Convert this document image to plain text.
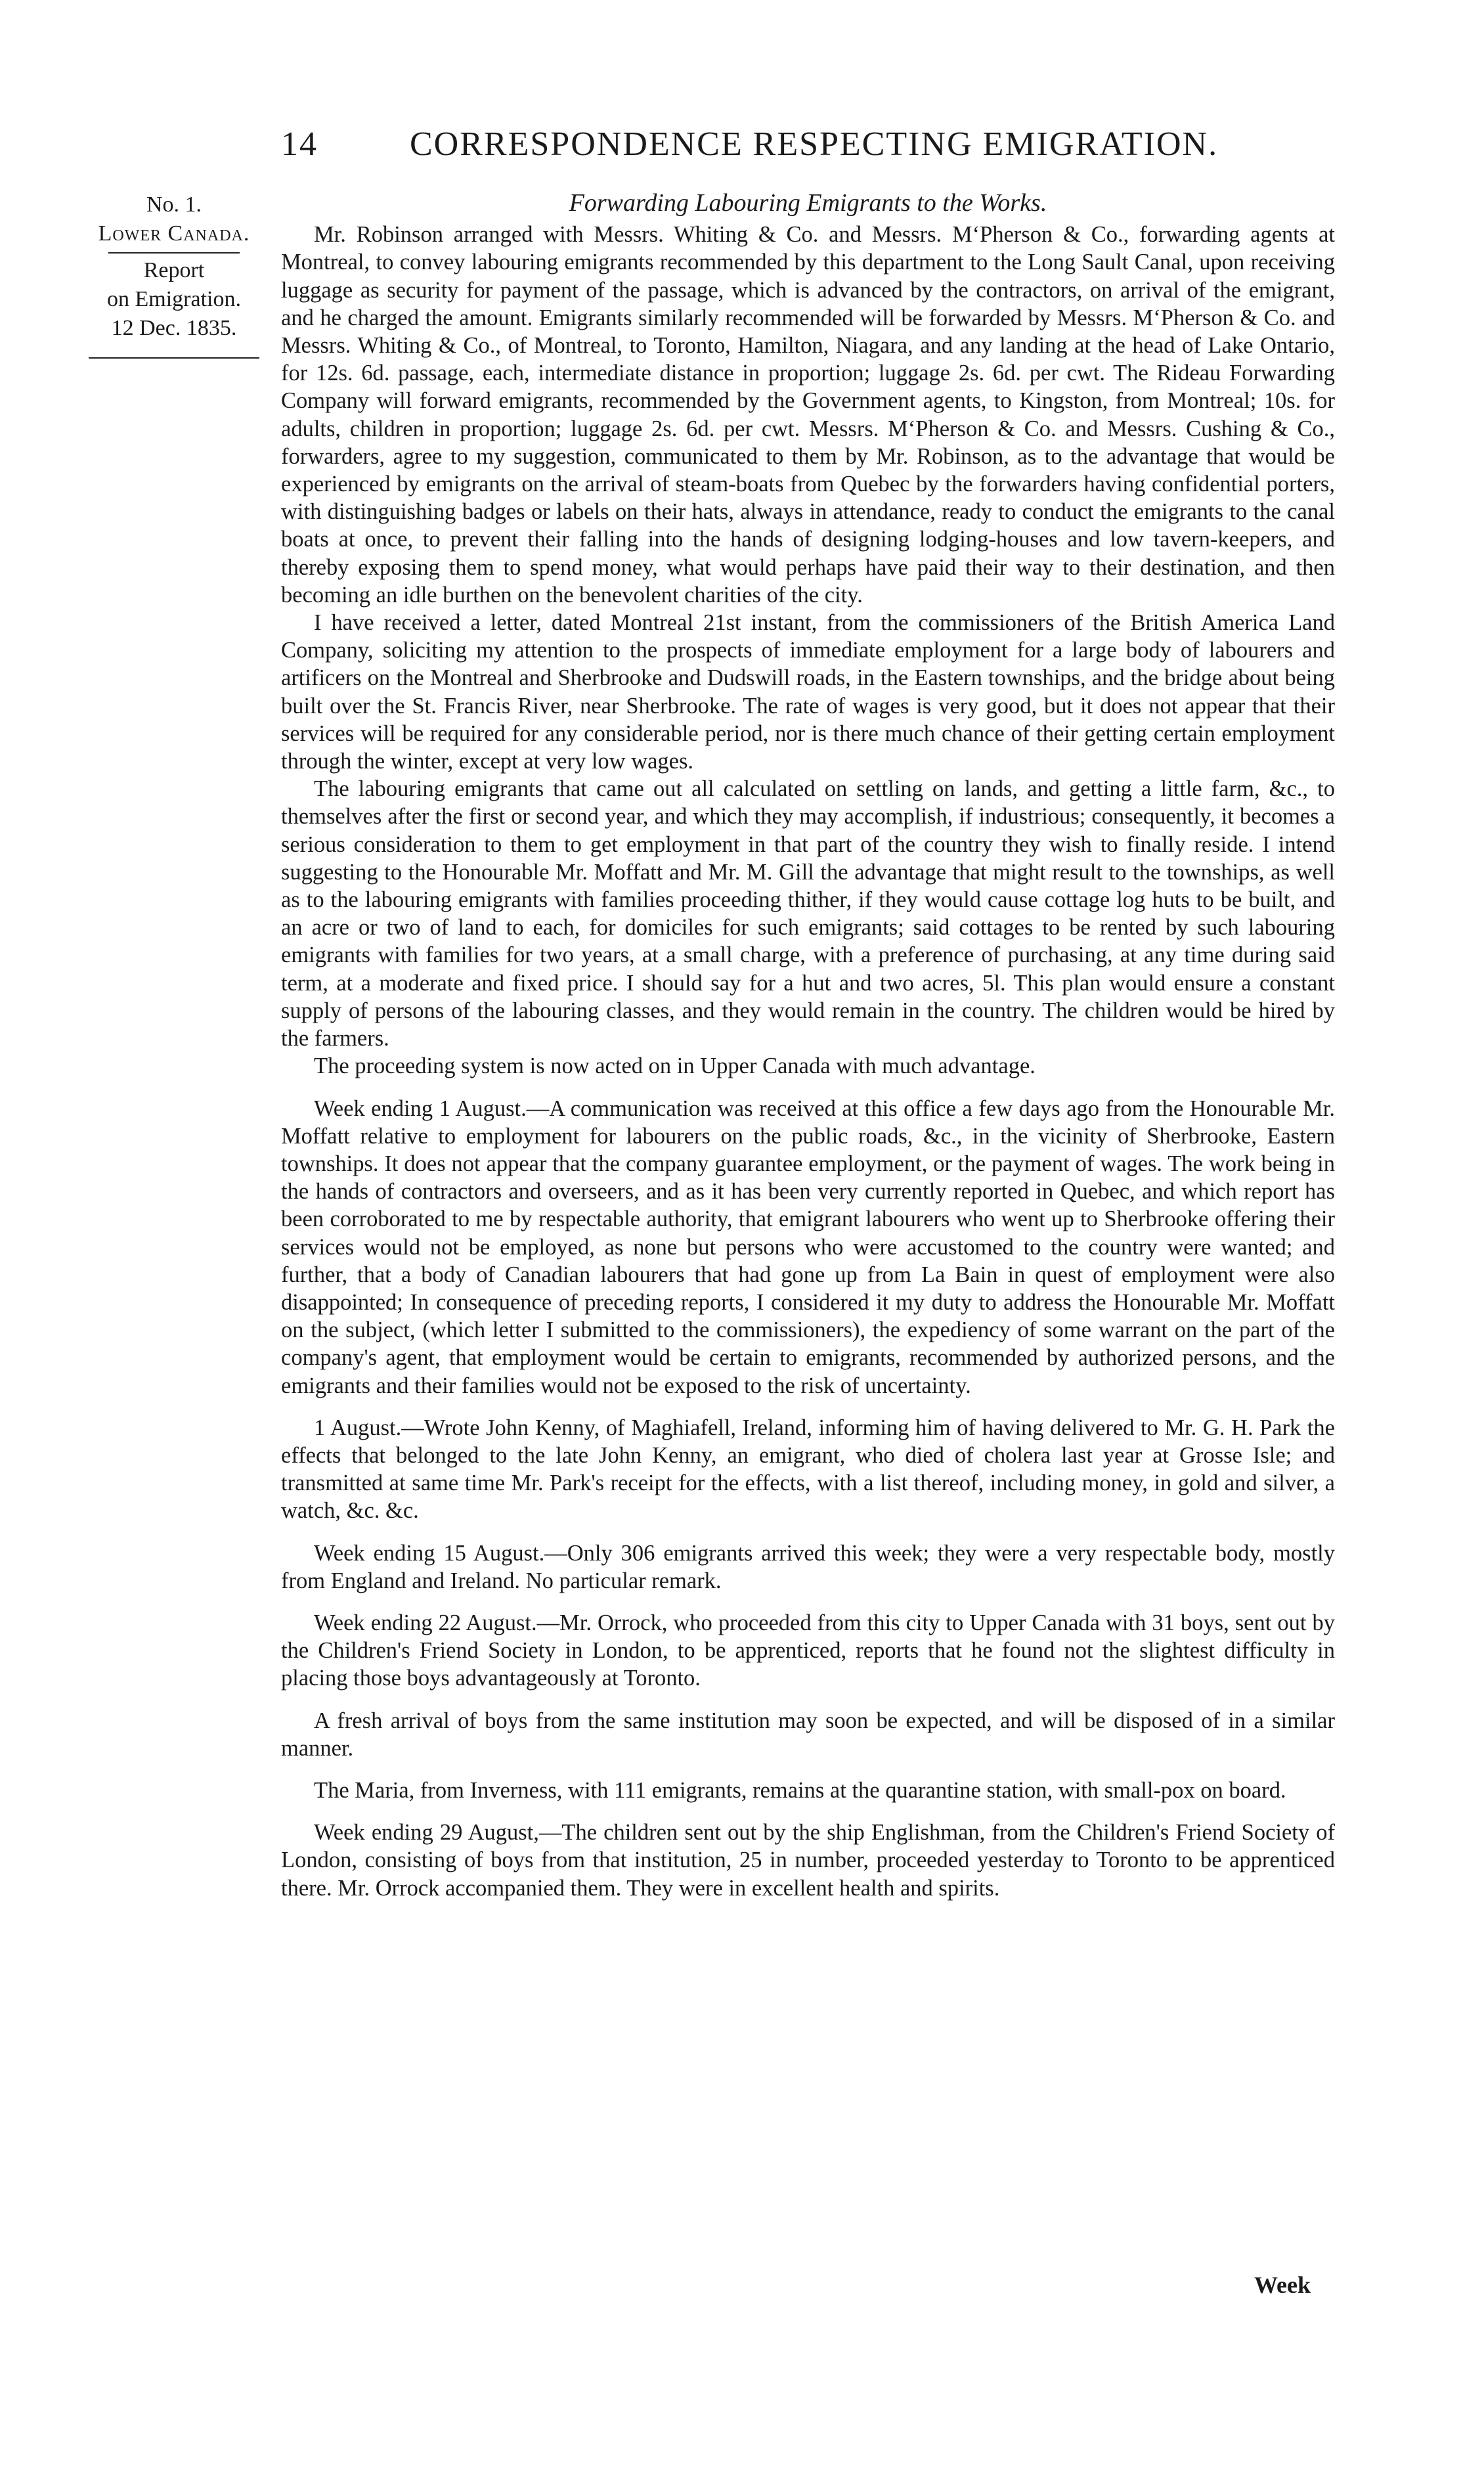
14	CORRESPONDENCE RESPECTING EMIGRATION.
No. 1.
Lower Canada.
Report
on Emigration.
12 Dec. 1835.
Forwarding Labouring Emigrants to the Works.

Mr. Robinson arranged with Messrs. Whiting & Co. and Messrs. M‘Pherson & Co., forwarding agents at Montreal, to convey labouring emigrants recommended by this department to the Long Sault Canal, upon receiving luggage as security for payment of the passage, which is advanced by the contractors, on arrival of the emigrant, and he charged the amount. Emigrants similarly recommended will be forwarded by Messrs. M‘Pherson & Co. and Messrs. Whiting & Co., of Montreal, to Toronto, Hamilton, Niagara, and any landing at the head of Lake Ontario, for 12s. 6d. passage, each, intermediate distance in proportion; luggage 2s. 6d. per cwt. The Rideau Forwarding Company will forward emigrants, recommended by the Government agents, to Kingston, from Montreal; 10s. for adults, children in proportion; luggage 2s. 6d. per cwt. Messrs. M‘Pherson & Co. and Messrs. Cushing & Co., forwarders, agree to my suggestion, communicated to them by Mr. Robinson, as to the advantage that would be experienced by emigrants on the arrival of steam-boats from Quebec by the forwarders having confidential porters, with distinguishing badges or labels on their hats, always in attendance, ready to conduct the emigrants to the canal boats at once, to prevent their falling into the hands of designing lodging-houses and low tavern-keepers, and thereby exposing them to spend money, what would perhaps have paid their way to their destination, and then becoming an idle burthen on the benevolent charities of the city.

I have received a letter, dated Montreal 21st instant, from the commissioners of the British America Land Company, soliciting my attention to the prospects of immediate employment for a large body of labourers and artificers on the Montreal and Sherbrooke and Dudswill roads, in the Eastern townships, and the bridge about being built over the St. Francis River, near Sherbrooke. The rate of wages is very good, but it does not appear that their services will be required for any considerable period, nor is there much chance of their getting certain employment through the winter, except at very low wages.

The labouring emigrants that came out all calculated on settling on lands, and getting a little farm, &c., to themselves after the first or second year, and which they may accomplish, if industrious; consequently, it becomes a serious consideration to them to get employment in that part of the country they wish to finally reside. I intend suggesting to the Honourable Mr. Moffatt and Mr. M. Gill the advantage that might result to the townships, as well as to the labouring emigrants with families proceeding thither, if they would cause cottage log huts to be built, and an acre or two of land to each, for domiciles for such emigrants; said cottages to be rented by such labouring emigrants with families for two years, at a small charge, with a preference of purchasing, at any time during said term, at a moderate and fixed price. I should say for a hut and two acres, 5l. This plan would ensure a constant supply of persons of the labouring classes, and they would remain in the country. The children would be hired by the farmers.

The proceeding system is now acted on in Upper Canada with much advantage.

Week ending 1 August.—A communication was received at this office a few days ago from the Honourable Mr. Moffatt relative to employment for labourers on the public roads, &c., in the vicinity of Sherbrooke, Eastern townships. It does not appear that the company guarantee employment, or the payment of wages. The work being in the hands of contractors and overseers, and as it has been very currently reported in Quebec, and which report has been corroborated to me by respectable authority, that emigrant labourers who went up to Sherbrooke offering their services would not be employed, as none but persons who were accustomed to the country were wanted; and further, that a body of Canadian labourers that had gone up from La Bain in quest of employment were also disappointed; In consequence of preceding reports, I considered it my duty to address the Honourable Mr. Moffatt on the subject, (which letter I submitted to the commissioners), the expediency of some warrant on the part of the company's agent, that employment would be certain to emigrants, recommended by authorized persons, and the emigrants and their families would not be exposed to the risk of uncertainty.

1 August.—Wrote John Kenny, of Maghiafell, Ireland, informing him of having delivered to Mr. G. H. Park the effects that belonged to the late John Kenny, an emigrant, who died of cholera last year at Grosse Isle; and transmitted at same time Mr. Park's receipt for the effects, with a list thereof, including money, in gold and silver, a watch, &c. &c.

Week ending 15 August.—Only 306 emigrants arrived this week; they were a very respectable body, mostly from England and Ireland. No particular remark.

Week ending 22 August.—Mr. Orrock, who proceeded from this city to Upper Canada with 31 boys, sent out by the Children's Friend Society in London, to be apprenticed, reports that he found not the slightest difficulty in placing those boys advantageously at Toronto.

A fresh arrival of boys from the same institution may soon be expected, and will be disposed of in a similar manner.

The Maria, from Inverness, with 111 emigrants, remains at the quarantine station, with small-pox on board.

Week ending 29 August,—The children sent out by the ship Englishman, from the Children's Friend Society of London, consisting of boys from that institution, 25 in number, proceeded yesterday to Toronto to be apprenticed there. Mr. Orrock accompanied them. They were in excellent health and spirits.

Week
